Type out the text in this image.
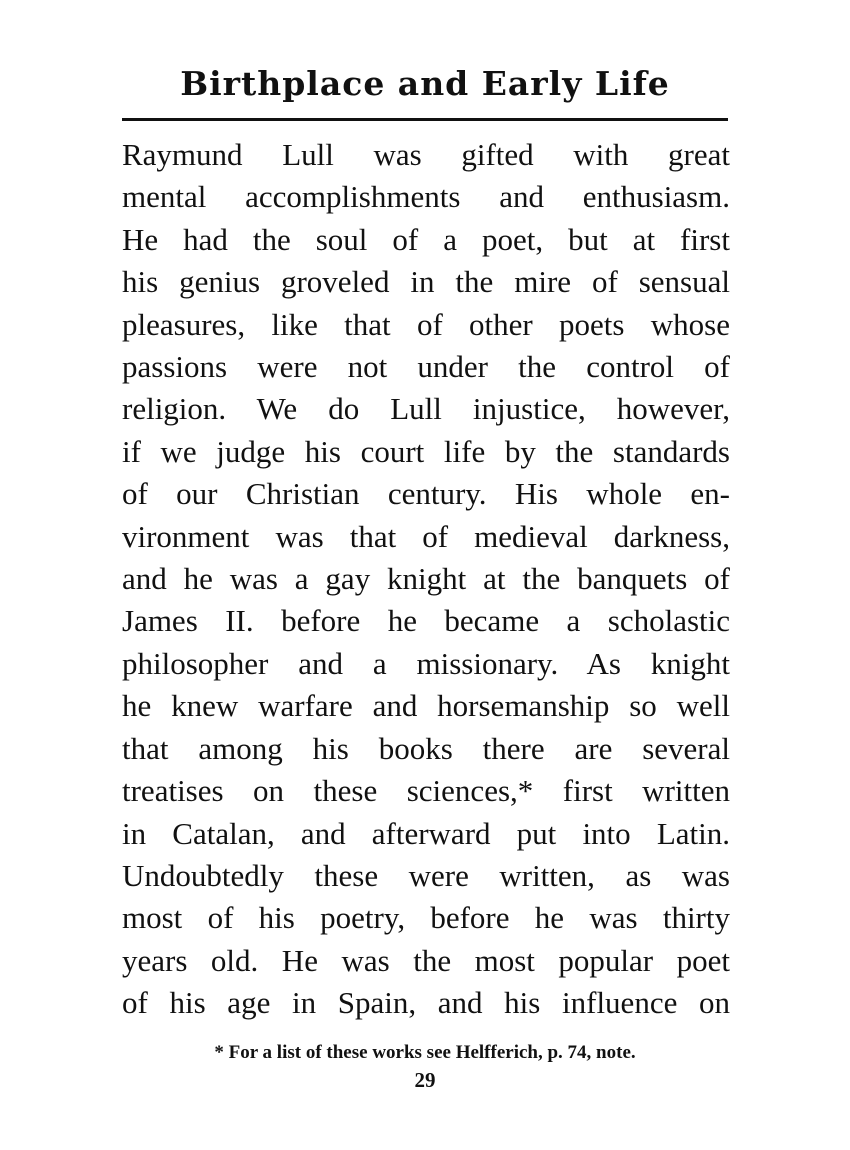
Birthplace and Early Life
Raymund Lull was gifted with great
mental accomplishments and enthusiasm.
He had the soul of a poet, but at first
his genius groveled in the mire of sensual
pleasures, like that of other poets whose
passions were not under the control of
religion. We do Lull injustice, however,
if we judge his court life by the standards
of our Christian century. His whole en-
vironment was that of medieval darkness,
and he was a gay knight at the banquets of
James II. before he became a scholastic
philosopher and a missionary. As knight
he knew warfare and horsemanship so well
that among his books there are several
treatises on these sciences,* first written
in Catalan, and afterward put into Latin.
Undoubtedly these were written, as was
most of his poetry, before he was thirty
years old. He was the most popular poet
of his age in Spain, and his influence on
* For a list of these works see Helfferich, p. 74, note.
29
